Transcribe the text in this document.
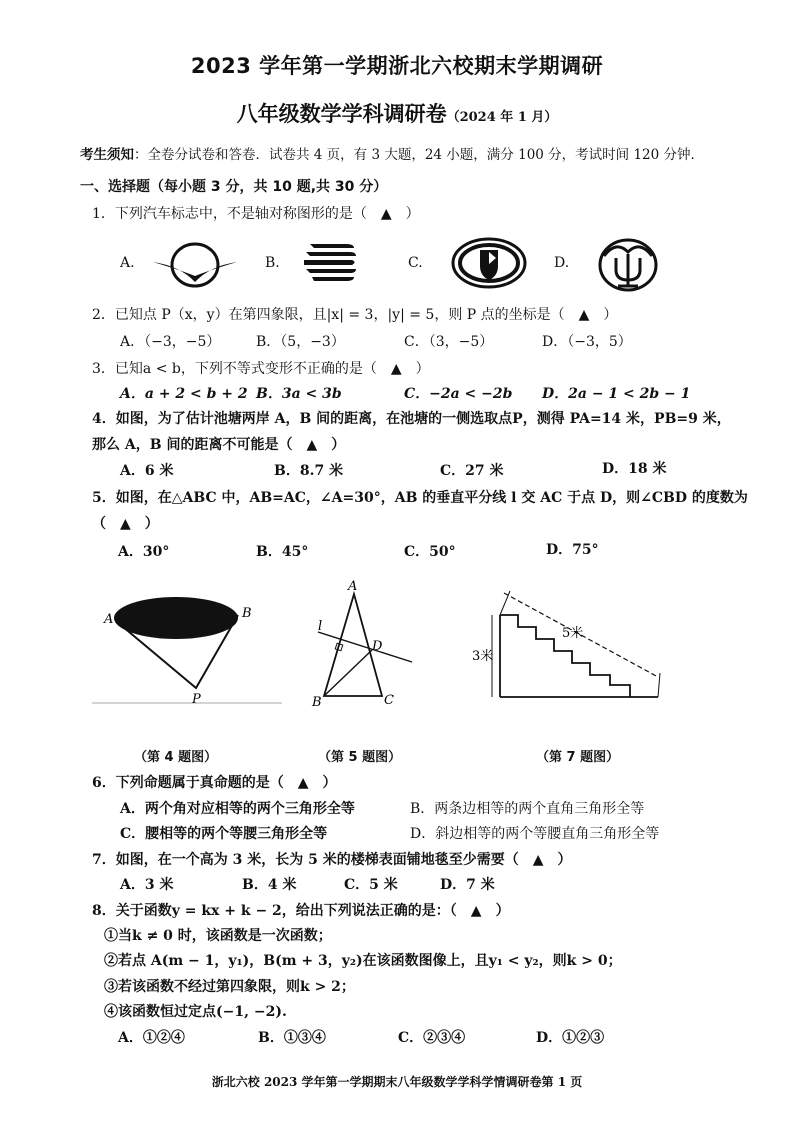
2023 学年第一学期浙北六校期末学期调研
八年级数学学科调研卷（2024 年 1 月）
考生须知：全卷分试卷和答卷．试卷共 4 页，有 3 大题，24 小题，满分 100 分，考试时间 120 分钟．
一、选择题（每小题 3 分，共 10 题,共 30 分）
1．下列汽车标志中，不是轴对称图形的是（　▲　）
A.	B.	C.	D.
2．已知点 P（x，y）在第四象限，且|x| = 3，|y| = 5，则 P 点的坐标是（　▲　）
A．（−3，−5）	B．（5，−3）	C．（3，−5）	D．（−3，5）
3．已知a < b，下列不等式变形不正确的是（　▲　）
A．a + 2 < b + 2 B．3a < 3b	C．−2a < −2b D．2a − 1 < 2b − 1
4．如图，为了估计池塘两岸 A，B 间的距离，在池塘的一侧选取点P，测得 PA=14 米，PB=9 米，
那么 A，B 间的距离不可能是（　▲　）
A．6 米	B．8.7 米	C．27 米	D．18 米
5．如图，在△ABC 中，AB=AC，∠A=30°，AB 的垂直平分线 l 交 AC 于点 D，则∠CBD 的度数为
（　▲　）
A．30°	B．45°	C．50°	D．75°
A	B
P
A
B	C
D
l	5米
3米
（第 4 题图）	（第 5 题图）	（第 7 题图）
6．下列命题属于真命题的是（　▲　）
A．两个角对应相等的两个三角形全等	B．两条边相等的两个直角三角形全等
C．腰相等的两个等腰三角形全等	D．斜边相等的两个等腰直角三角形全等
7．如图，在一个高为 3 米，长为 5 米的楼梯表面铺地毯至少需要（　▲　）
A．3 米	B．4 米	C．5 米	D．7 米
8．关于函数y = kx + k − 2，给出下列说法正确的是：（　▲　）
①当k ≠ 0 时，该函数是一次函数；
②若点 A(m − 1，y₁)，B(m + 3，y₂)在该函数图像上，且y₁ < y₂，则k > 0；
③若该函数不经过第四象限，则k > 2；
④该函数恒过定点(−1, −2).
A．①②④	B．①③④	C．②③④	D．①②③
浙北六校 2023 学年第一学期期末八年级数学学科学情调研卷第 1 页
